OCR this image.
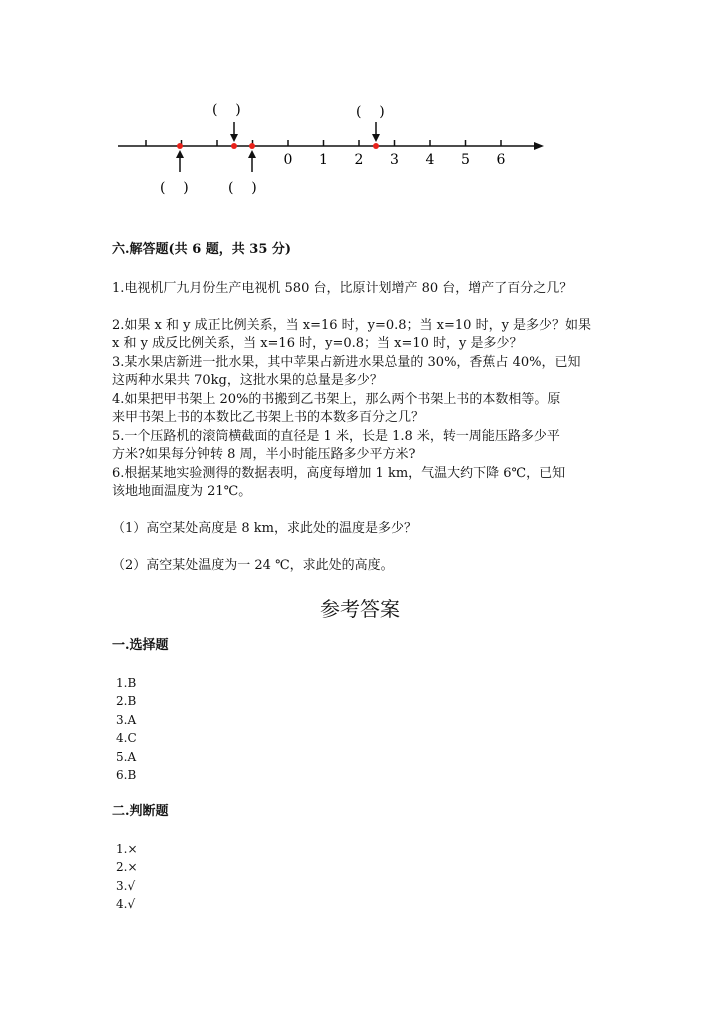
0 1 2 3 4 5 6
(    )	(    )
(    )	(    )
六.解答题(共 6 题，共 35 分)
1.电视机厂九月份生产电视机 580 台，比原计划增产 80 台，增产了百分之几？
2.如果 x 和 y 成正比例关系，当 x=16 时，y=0.8；当 x=10 时，y 是多少？如果
x 和 y 成反比例关系，当 x=16 时，y=0.8；当 x=10 时，y 是多少？
3.某水果店新进一批水果，其中苹果占新进水果总量的 30%，香蕉占 40%，已知
这两种水果共 70kg，这批水果的总量是多少？
4.如果把甲书架上 20%的书搬到乙书架上，那么两个书架上书的本数相等。原
来甲书架上书的本数比乙书架上书的本数多百分之几？
5.一个压路机的滚筒横截面的直径是 1 米，长是 1.8 米，转一周能压路多少平
方米?如果每分钟转 8 周，半小时能压路多少平方米?
6.根据某地实验测得的数据表明，高度每增加 1 km，气温大约下降 6℃，已知
该地地面温度为 21℃。
（1）高空某处高度是 8 km，求此处的温度是多少？
（2）高空某处温度为一 24 ℃，求此处的高度。
参考答案
一.选择题
1.B
2.B
3.A
4.C
5.A
6.B
二.判断题
1.×
2.×
3.√
4.√
